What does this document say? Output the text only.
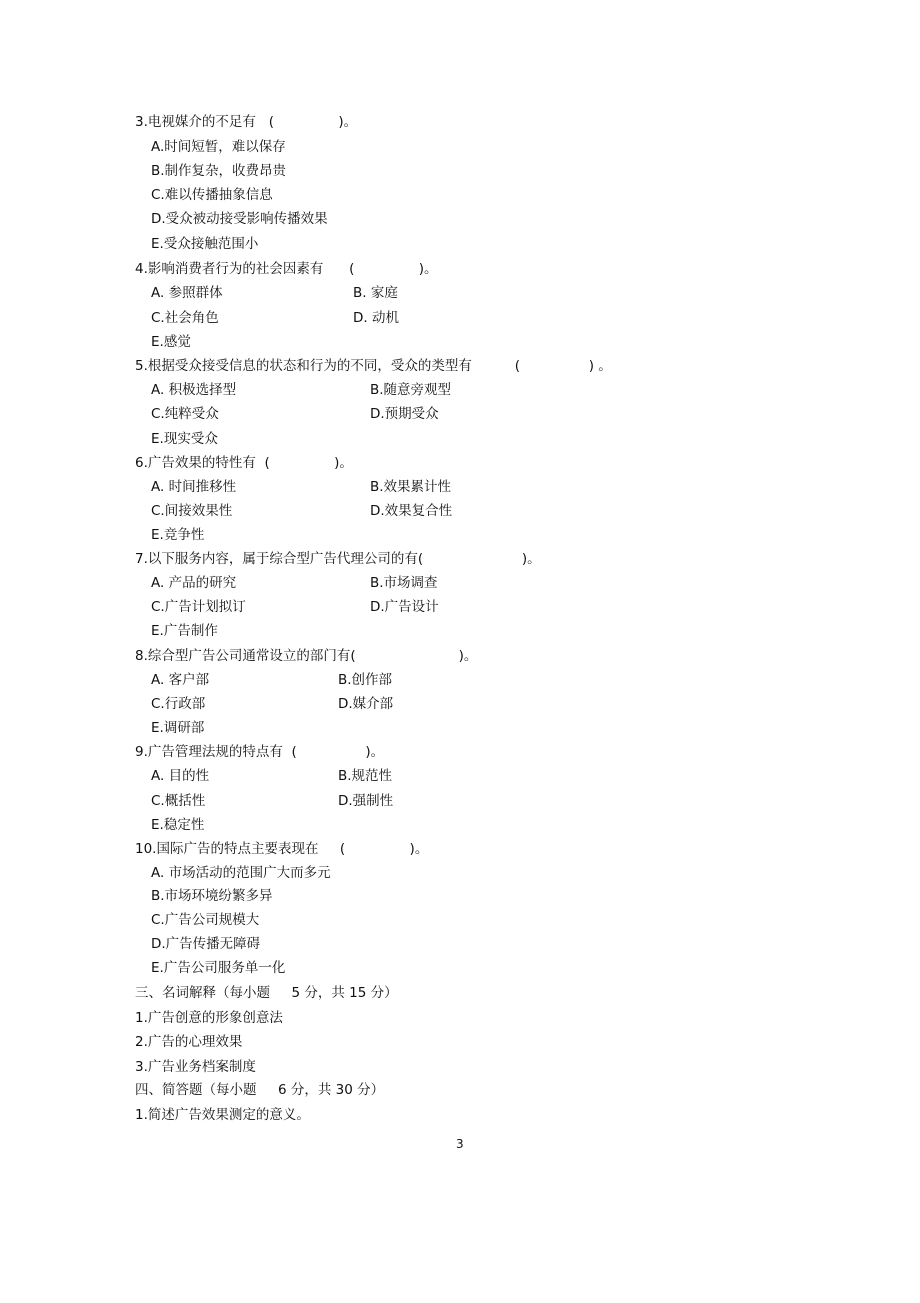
3.电视媒介的不足有   (               )。
A.时间短暂，难以保存
B.制作复杂，收费昂贵
C.难以传播抽象信息
D.受众被动接受影响传播效果
E.受众接触范围小
4.影响消费者行为的社会因素有      (               )。
A. 参照群体	B. 家庭
C.社会角色	D. 动机
E.感觉
5.根据受众接受信息的状态和行为的不同，受众的类型有          (                ) 。
A. 积极选择型	B.随意旁观型
C.纯粹受众	D.预期受众
E.现实受众
6.广告效果的特性有  (               )。
A. 时间推移性	B.效果累计性
C.间接效果性	D.效果复合性
E.竞争性
7.以下服务内容，属于综合型广告代理公司的有(                       )。
A. 产品的研究	B.市场调查
C.广告计划拟订	D.广告设计
E.广告制作
8.综合型广告公司通常设立的部门有(                        )。
A. 客户部	B.创作部
C.行政部	D.媒介部
E.调研部
9.广告管理法规的特点有  (                )。
A. 目的性	B.规范性
C.概括性	D.强制性
E.稳定性
10.国际广告的特点主要表现在     (               )。
A. 市场活动的范围广大而多元
B.市场环境纷繁多异
C.广告公司规模大
D.广告传播无障碍
E.广告公司服务单一化
三、名词解释（每小题     5 分，共 15 分）
1.广告创意的形象创意法
2.广告的心理效果
3.广告业务档案制度
四、简答题（每小题     6 分，共 30 分）
1.简述广告效果测定的意义。
3
